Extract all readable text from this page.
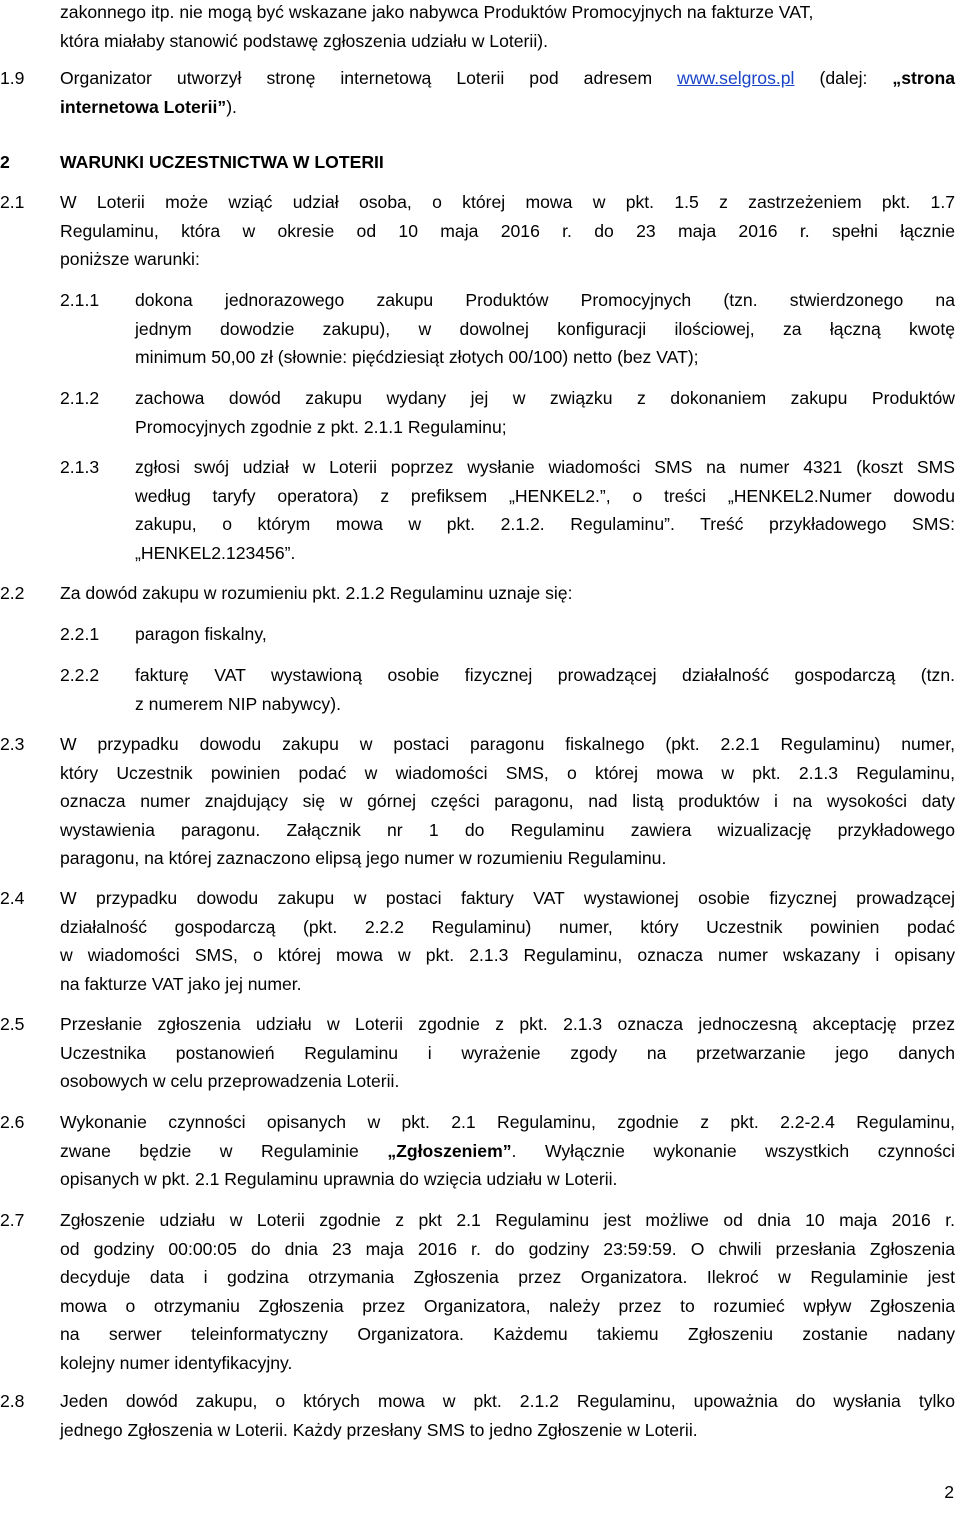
zakonnego itp. nie mogą być wskazane jako nabywca Produktów Promocyjnych na fakturze VAT,
która miałaby stanowić podstawę zgłoszenia udziału w Loterii).
1.9 Organizator utworzył stronę internetową Loterii pod adresem www.selgros.pl (dalej: „strona
internetowa Loterii”).
2	WARUNKI UCZESTNICTWA W LOTERII
2.1 W Loterii może wziąć udział osoba, o której mowa w pkt. 1.5 z zastrzeżeniem pkt. 1.7
Regulaminu, która w okresie od 10 maja 2016 r. do 23 maja 2016 r. spełni łącznie
poniższe warunki:
2.1.1 dokona jednorazowego zakupu Produktów Promocyjnych (tzn. stwierdzonego na
jednym dowodzie zakupu), w dowolnej konfiguracji ilościowej, za łączną kwotę
minimum 50,00 zł (słownie: pięćdziesiąt złotych 00/100) netto (bez VAT);
2.1.2 zachowa dowód zakupu wydany jej w związku z dokonaniem zakupu Produktów
Promocyjnych zgodnie z pkt. 2.1.1 Regulaminu;
2.1.3 zgłosi swój udział w Loterii poprzez wysłanie wiadomości SMS na numer 4321 (koszt SMS
według taryfy operatora) z prefiksem „HENKEL2.”, o treści „HENKEL2.Numer dowodu
zakupu, o którym mowa w pkt. 2.1.2. Regulaminu”. Treść przykładowego SMS:
„HENKEL2.123456”.
2.2 Za dowód zakupu w rozumieniu pkt. 2.1.2 Regulaminu uznaje się:
2.2.1 paragon fiskalny,
2.2.2 fakturę VAT wystawioną osobie fizycznej prowadzącej działalność gospodarczą (tzn.
z numerem NIP nabywcy).
2.3 W przypadku dowodu zakupu w postaci paragonu fiskalnego (pkt. 2.2.1 Regulaminu) numer,
który Uczestnik powinien podać w wiadomości SMS, o której mowa w pkt. 2.1.3 Regulaminu,
oznacza numer znajdujący się w górnej części paragonu, nad listą produktów i na wysokości daty
wystawienia paragonu. Załącznik nr 1 do Regulaminu zawiera wizualizację przykładowego
paragonu, na której zaznaczono elipsą jego numer w rozumieniu Regulaminu.
2.4 W przypadku dowodu zakupu w postaci faktury VAT wystawionej osobie fizycznej prowadzącej
działalność gospodarczą (pkt. 2.2.2 Regulaminu) numer, który Uczestnik powinien podać
w wiadomości SMS, o której mowa w pkt. 2.1.3 Regulaminu, oznacza numer wskazany i opisany
na fakturze VAT jako jej numer.
2.5 Przesłanie zgłoszenia udziału w Loterii zgodnie z pkt. 2.1.3 oznacza jednoczesną akceptację przez
Uczestnika postanowień Regulaminu i wyrażenie zgody na przetwarzanie jego danych
osobowych w celu przeprowadzenia Loterii.
2.6 Wykonanie czynności opisanych w pkt. 2.1 Regulaminu, zgodnie z pkt. 2.2-2.4 Regulaminu,
zwane będzie w Regulaminie „Zgłoszeniem”. Wyłącznie wykonanie wszystkich czynności
opisanych w pkt. 2.1 Regulaminu uprawnia do wzięcia udziału w Loterii.
2.7 Zgłoszenie udziału w Loterii zgodnie z pkt 2.1 Regulaminu jest możliwe od dnia 10 maja 2016 r.
od godziny 00:00:05 do dnia 23 maja 2016 r. do godziny 23:59:59. O chwili przesłania Zgłoszenia
decyduje data i godzina otrzymania Zgłoszenia przez Organizatora. Ilekroć w Regulaminie jest
mowa o otrzymaniu Zgłoszenia przez Organizatora, należy przez to rozumieć wpływ Zgłoszenia
na serwer teleinformatyczny Organizatora. Każdemu takiemu Zgłoszeniu zostanie nadany
kolejny numer identyfikacyjny.
2.8 Jeden dowód zakupu, o których mowa w pkt. 2.1.2 Regulaminu, upoważnia do wysłania tylko
jednego Zgłoszenia w Loterii. Każdy przesłany SMS to jedno Zgłoszenie w Loterii.
2
